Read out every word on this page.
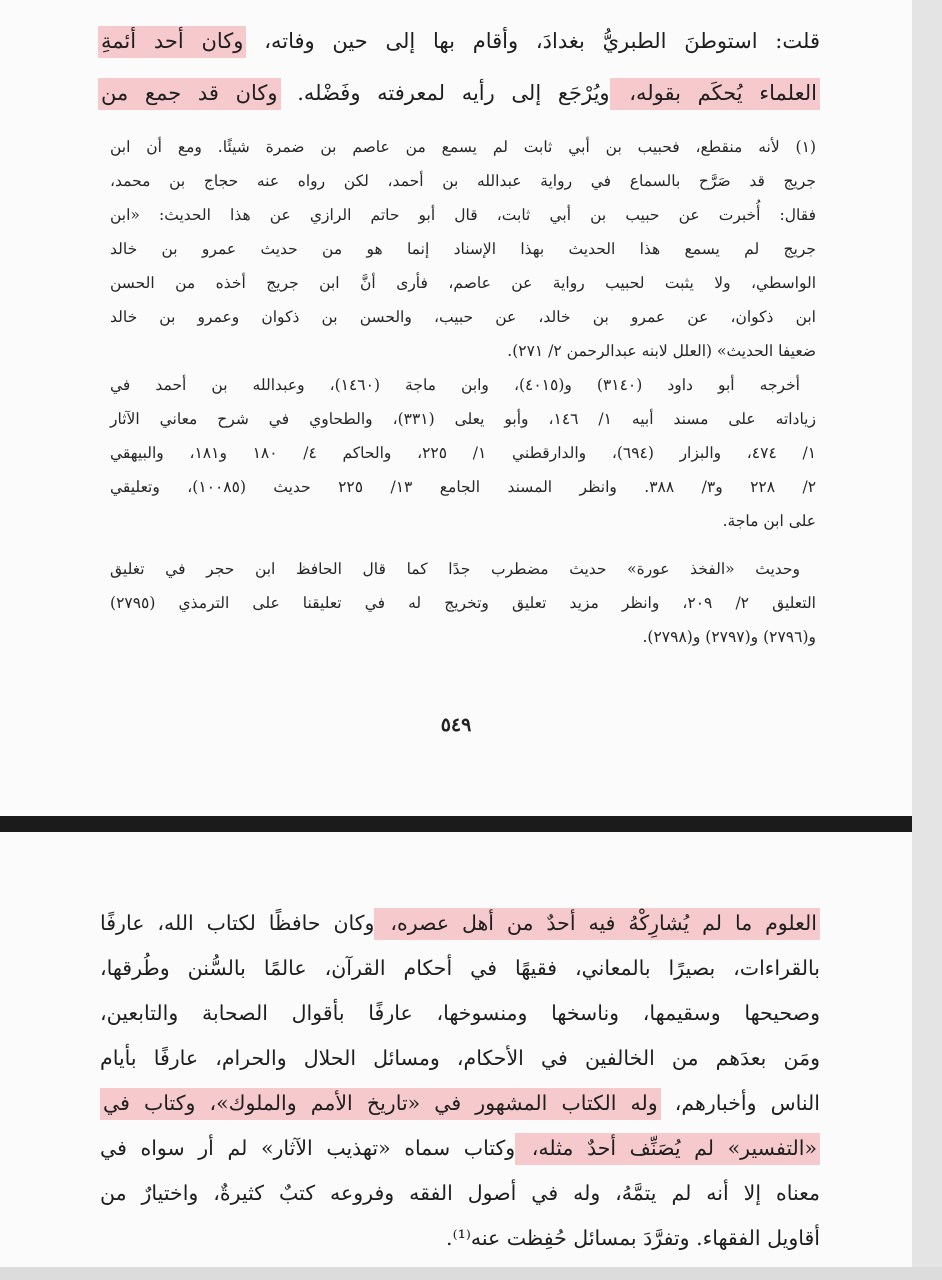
قلت: استوطنَ الطبريُّ بغدادَ، وأقام بها إلى حين وفاته، وكان أحد أئمةِ
العلماء يُحكَم بقوله، ويُرْجَع إلى رأيه لمعرفته وفَضْله. وكان قد جمع من
(١) لأنه منقطع، فحبيب بن أبي ثابت لم يسمع من عاصم بن ضمرة شيئًا. ومع أن ابن
جريج قد صَرَّح بالسماع في رواية عبدالله بن أحمد، لكن رواه عنه حجاج بن محمد،
فقال: أُخبرت عن حبيب بن أبي ثابت، قال أبو حاتم الرازي عن هذا الحديث: «ابن
جريج لم يسمع هذا الحديث بهذا الإسناد إنما هو من حديث عمرو بن خالد
الواسطي، ولا يثبت لحبيب رواية عن عاصم، فأرى أنَّ ابن جريج أخذه من الحسن
ابن ذكوان، عن عمرو بن خالد، عن حبيب، والحسن بن ذكوان وعمرو بن خالد
ضعيفا الحديث» (العلل لابنه عبدالرحمن ٢/ ٢٧١).
أخرجه أبو داود (٣١٤٠) و(٤٠١٥)، وابن ماجة (١٤٦٠)، وعبدالله بن أحمد في
زياداته على مسند أبيه ١/ ١٤٦، وأبو يعلى (٣٣١)، والطحاوي في شرح معاني الآثار
١/ ٤٧٤، والبزار (٦٩٤)، والدارقطني ١/ ٢٢٥، والحاكم ٤/ ١٨٠ و١٨١، والبيهقي
٢/ ٢٢٨ و٣/ ٣٨٨. وانظر المسند الجامع ١٣/ ٢٢٥ حديث (١٠٠٨٥)، وتعليقي
على ابن ماجة.
وحديث «الفخذ عورة» حديث مضطرب جدًا كما قال الحافظ ابن حجر في تغليق
التعليق ٢/ ٢٠٩، وانظر مزيد تعليق وتخريج له في تعليقنا على الترمذي (٢٧٩٥)
و(٢٧٩٦) و(٢٧٩٧) و(٢٧٩٨).
٥٤٩
العلوم ما لم يُشارِكْهُ فيه أحدٌ من أهل عصره، وكان حافظًا لكتاب الله، عارفًا
بالقراءات، بصيرًا بالمعاني، فقيهًا في أحكام القرآن، عالمًا بالسُّنن وطُرقها،
وصحيحها وسقيمها، وناسخها ومنسوخها، عارفًا بأقوال الصحابة والتابعين،
ومَن بعدَهم من الخالفين في الأحكام، ومسائل الحلال والحرام، عارفًا بأيام
الناس وأخبارهم، وله الكتاب المشهور في «تاريخ الأمم والملوك»، وكتاب في
«التفسير» لم يُصَنِّف أحدٌ مثله، وكتاب سماه «تهذيب الآثار» لم أر سواه في
معناه إلا أنه لم يتمَّهُ، وله في أصول الفقه وفروعه كتبٌ كثيرةٌ، واختيارٌ من
أقاويل الفقهاء. وتفرَّدَ بمسائل حُفِظت عنه⁽¹⁾.
